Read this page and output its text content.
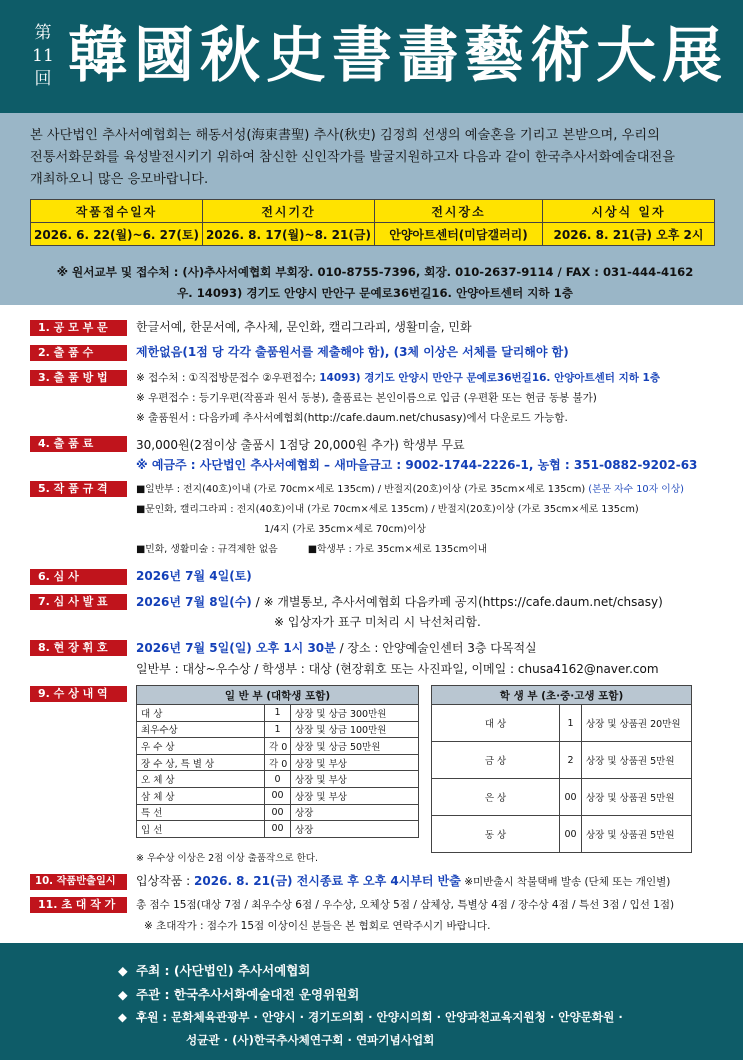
第
11
回 韓國秋史書畵藝術大展
본 사단법인 추사서예협회는 해동서성(海東書聖) 추사(秋史) 김정희 선생의 예술혼을 기리고 본받으며, 우리의
전통서화문화를 육성발전시키기 위하여 참신한 신인작가를 발굴지원하고자 다음과 같이 한국추사서화예술대전을
개최하오니 많은 응모바랍니다.
작품접수일자	전시기간	전시장소	시상식 일자
2026. 6. 22(월)~6. 27(토)	2026. 8. 17(월)~8. 21(금)	안양아트센터(미담갤러리)	2026. 8. 21(금) 오후 2시
※ 원서교부 및 접수처 : (사)추사서예협회 부회장. 010-8755-7396, 회장. 010-2637-9114 / FAX : 031-444-4162
우. 14093) 경기도 안양시 만안구 문예로36번길16. 안양아트센터 지하 1층
1. 공 모 부 문	한글서예, 한문서예, 추사체, 문인화, 캘리그라피, 생활미술, 민화
2. 출 품 수	제한없음(1점 당 각각 출품원서를 제출해야 함), (3체 이상은 서체를 달리해야 함)
3. 출 품 방 법	※ 접수처 : ①직접방문접수 ②우편접수; 14093) 경기도 안양시 만안구 문예로36번길16. 안양아트센터 지하 1층
※ 우편접수 : 등기우편(작품과 원서 동봉), 출품료는 본인이름으로 입금 (우편환 또는 현금 동봉 불가)
※ 출품원서 : 다음카페 추사서예협회(http://cafe.daum.net/chusasy)에서 다운로드 가능함.
4. 출 품 료	30,000원(2점이상 출품시 1점당 20,000원 추가) 학생부 무료
※ 예금주 : 사단법인 추사서예협회 – 새마을금고 : 9002-1744-2226-1, 농협 : 351-0882-9202-63
5. 작 품 규 격	■일반부 : 전지(40호)이내 (가로 70cm×세로 135cm) / 반절지(20호)이상 (가로 35cm×세로 135cm) (본문 자수 10자 이상)
■문인화, 캘리그라피 : 전지(40호)이내 (가로 70cm×세로 135cm) / 반절지(20호)이상 (가로 35cm×세로 135cm)
1/4지 (가로 35cm×세로 70cm)이상
■민화, 생활미술 : 규격제한 없음	■학생부 : 가로 35cm×세로 135cm이내
6. 심 사	2026년 7월 4일(토)
7. 심 사 발 표	2026년 7월 8일(수) / ※ 개별통보, 추사서예협회 다음카페 공지(https://cafe.daum.net/chsasy)
※ 입상자가 표구 미처리 시 낙선처리함.
8. 현 장 휘 호	2026년 7월 5일(일) 오후 1시 30분 / 장소 : 안양예술인센터 3층 다목적실
일반부 : 대상~우수상 / 학생부 : 대상 (현장휘호 또는 사진파일, 이메일 : chusa4162@naver.com
9. 수 상 내 역	일 반 부 (대학생 포함)		
대 상	1	상장 및 상금 300만원
최우수상	1	상장 및 상금 100만원
우 수 상	각 0	상장 및 상금 50만원
장 수 상, 특 별 상	각 0	상장 및 부상
오 체 상	0	상장 및 부상
삼 체 상	00	상장 및 부상
특 선	00	상장
입 선	00	상장
학 생 부 (초·중·고생 포함)		
대 상	1	상장 및 상품권 20만원
금 상	2	상장 및 상품권 5만원
은 상	00	상장 및 상품권 5만원
동 상	00	상장 및 상품권 5만원
※ 우수상 이상은 2점 이상 출품작으로 한다.
10. 작품반출일시	입상작품 : 2026. 8. 21(금) 전시종료 후 오후 4시부터 반출 ※미반출시 착불택배 발송 (단체 또는 개인별)
11. 초 대 작 가	총 점수 15점(대상 7점 / 최우수상 6점 / 우수상, 오체상 5점 / 삼체상, 특별상 4점 / 장수상 4점 / 특선 3점 / 입선 1점)
※ 초대작가 : 점수가 15점 이상이신 분들은 본 협회로 연락주시기 바랍니다.
◆ 주최 : (사단법인) 추사서예협회
◆ 주관 : 한국추사서화예술대전 운영위원회
◆ 후원 : 문화체육관광부 · 안양시 · 경기도의회 · 안양시의회 · 안양과천교육지원청 · 안양문화원 ·
성균관 · (사)한국추사체연구회 · 연파기념사업회
